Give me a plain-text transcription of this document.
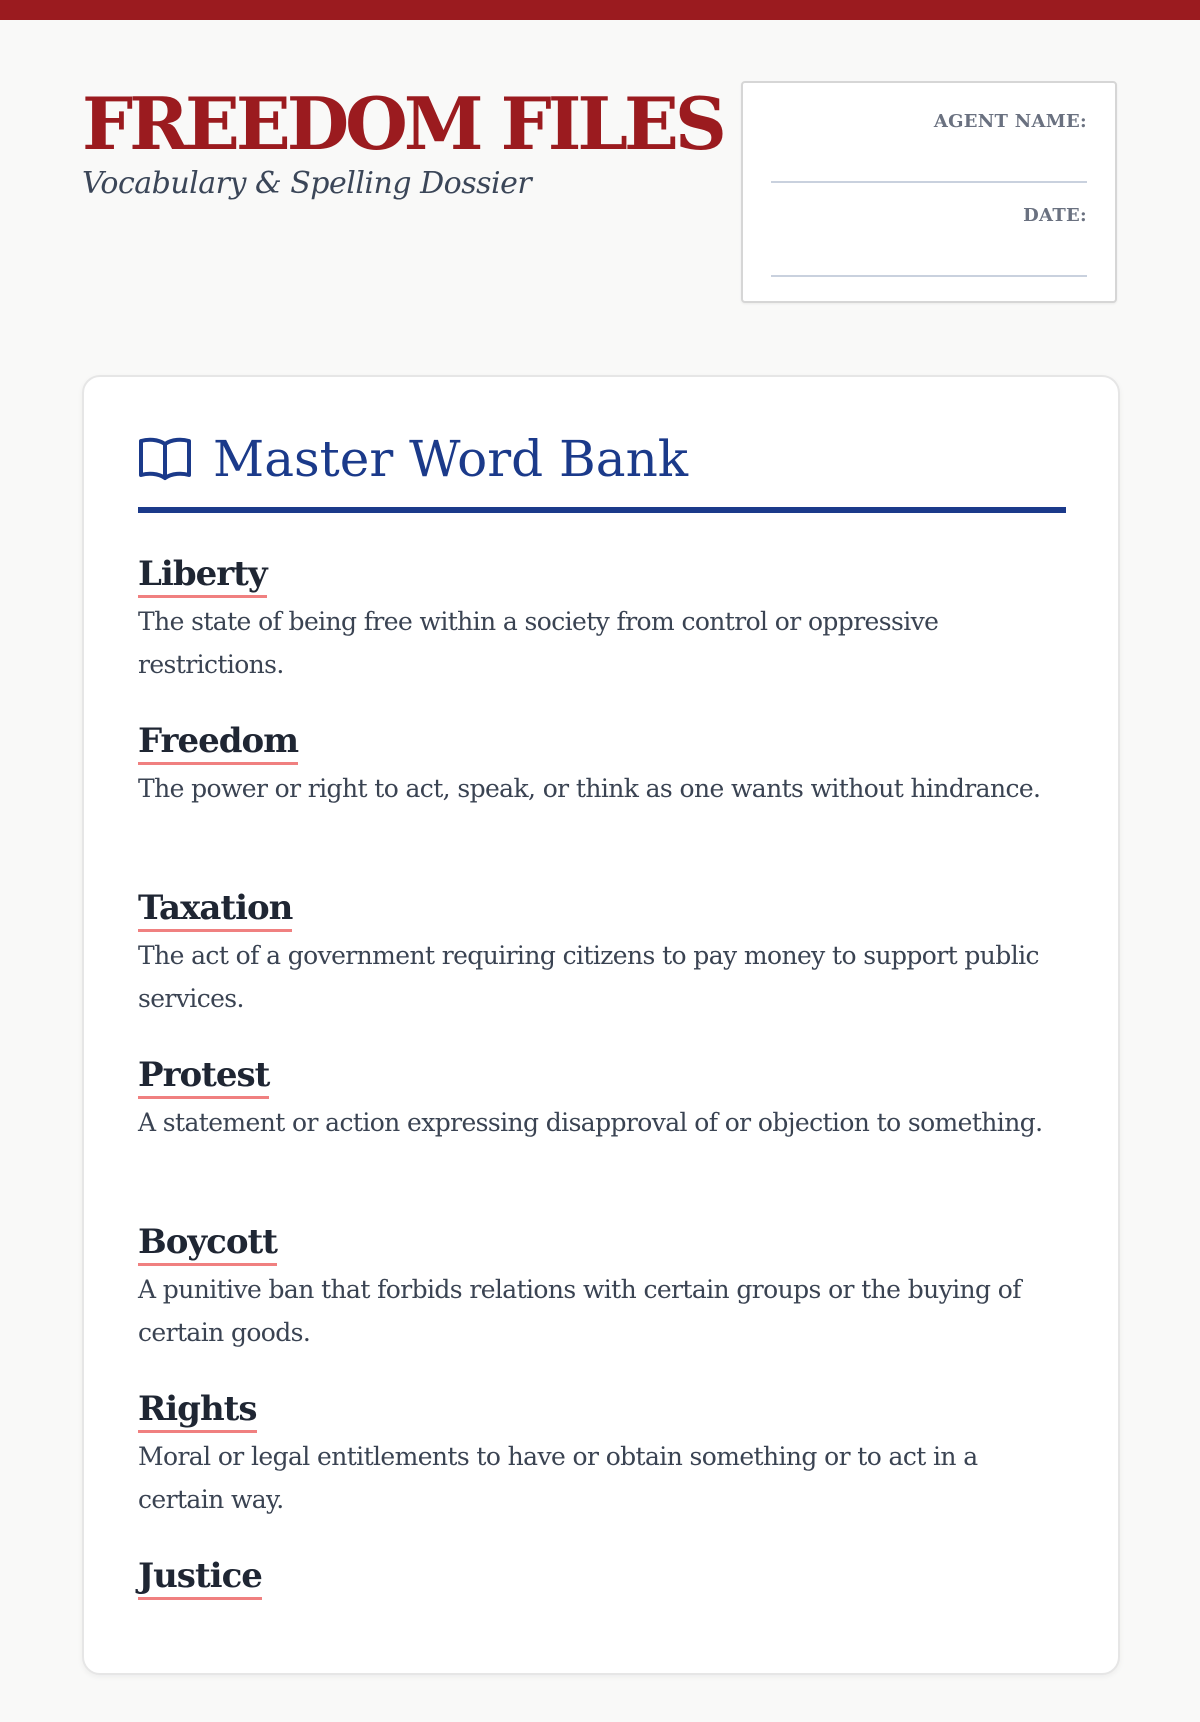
FREEDOM FILES
Vocabulary & Spelling Dossier
AGENT NAME:
DATE:
Master Word Bank
Liberty
The state of being free within a society from control or oppressive restrictions.
Freedom
The power or right to act, speak, or think as one wants without hindrance.
Taxation
The act of a government requiring citizens to pay money to support public services.
Protest
A statement or action expressing disapproval of or objection to something.
Boycott
A punitive ban that forbids relations with certain groups or the buying of certain goods.
Rights
Moral or legal entitlements to have or obtain something or to act in a certain way.
Justice
